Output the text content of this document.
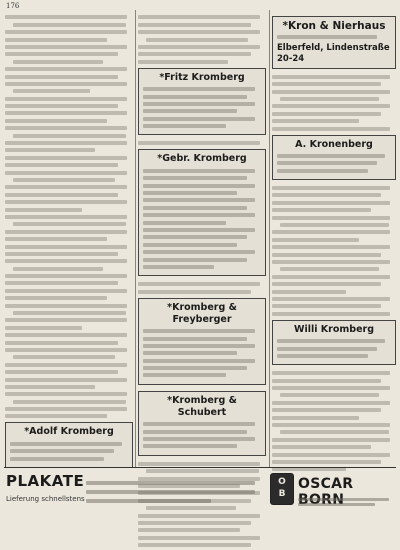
176
*Adolf Kromberg
*Fritz Kromberg
*Gebr. Kromberg
*Kromberg & Freyberger
*Kromberg & Schubert
*Kron & Nierhaus
Elberfeld, Lindenstraße 20-24
A. Kronenberg
Willi Kromberg
PLAKATE
Lieferung schnellstens
O
B
OSCAR
